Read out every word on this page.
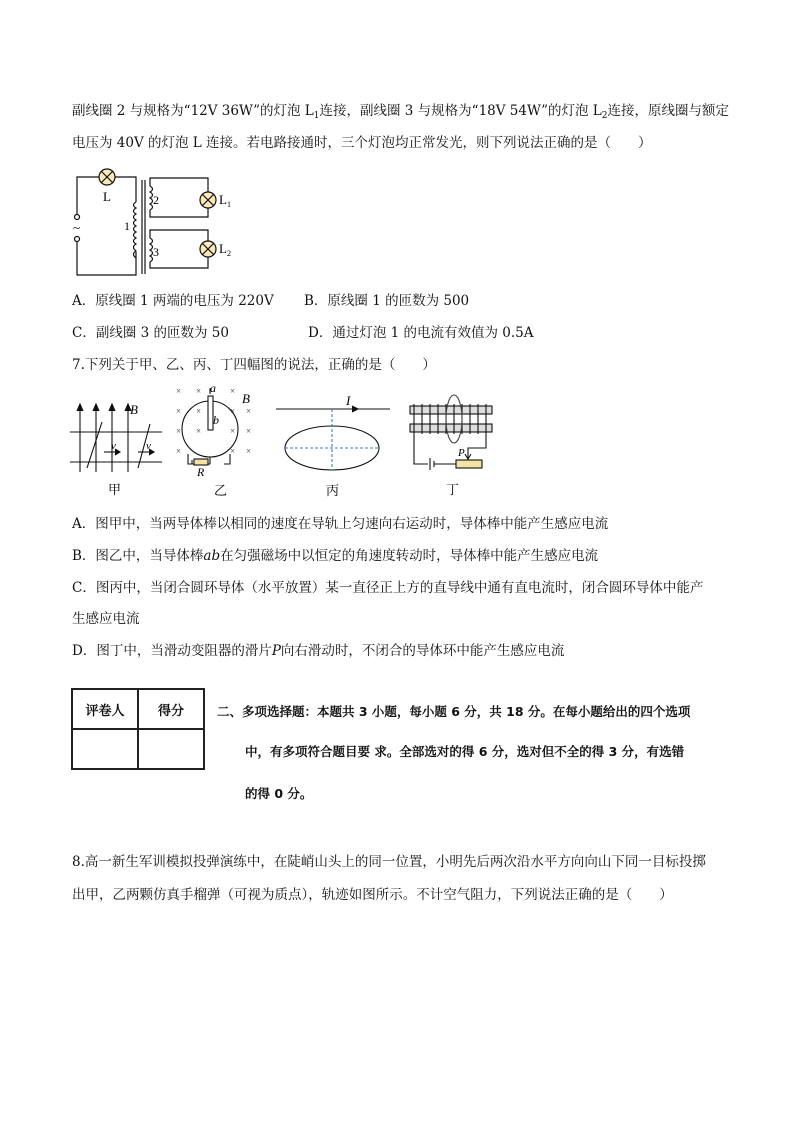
副线圈 2 与规格为“12V 36W”的灯泡 $L_1$连接，副线圈 3 与规格为“18V 54W”的灯泡 $L_2$连接，原线圈与额定
电压为 40V 的灯泡 L 连接。若电路接通时，三个灯泡均正常发光，则下列说法正确的是（　　）
L
~	1
2
3
$L_1$
$L_2$
A．原线圈 1 两端的电压为 220V B．原线圈 1 的匝数为 500
C．副线圈 3 的匝数为 50	D．通过灯泡 1 的电流有效值为 0.5A
7.下列关于甲、乙、丙、丁四幅图的说法，正确的是（　　）
B
v	v
甲
× ×	×
× ×	× ×
× ×	× ×
×	× ×
a
b
B
R
乙
I
丙
P
丁
A．图甲中，当两导体棒以相同的速度在导轨上匀速向右运动时，导体棒中能产生感应电流
B．图乙中，当导体棒ab在匀强磁场中以恒定的角速度转动时，导体棒中能产生感应电流
C．图丙中，当闭合圆环导体（水平放置）某一直径正上方的直导线中通有直电流时，闭合圆环导体中能产
生感应电流
D．图丁中，当滑动变阻器的滑片P向右滑动时，不闭合的导体环中能产生感应电流
评卷人	得分
		二、多项选择题：本题共 3 小题，每小题 6 分，共 18 分。在每小题给出的四个选项
中，有多项符合题目要 求。全部选对的得 6 分，选对但不全的得 3 分，有选错
的得 0 分。
8.高一新生军训模拟投弹演练中，在陡峭山头上的同一位置，小明先后两次沿水平方向向山下同一目标投掷
出甲，乙两颗仿真手榴弹（可视为质点），轨迹如图所示。不计空气阻力，下列说法正确的是（　　）
